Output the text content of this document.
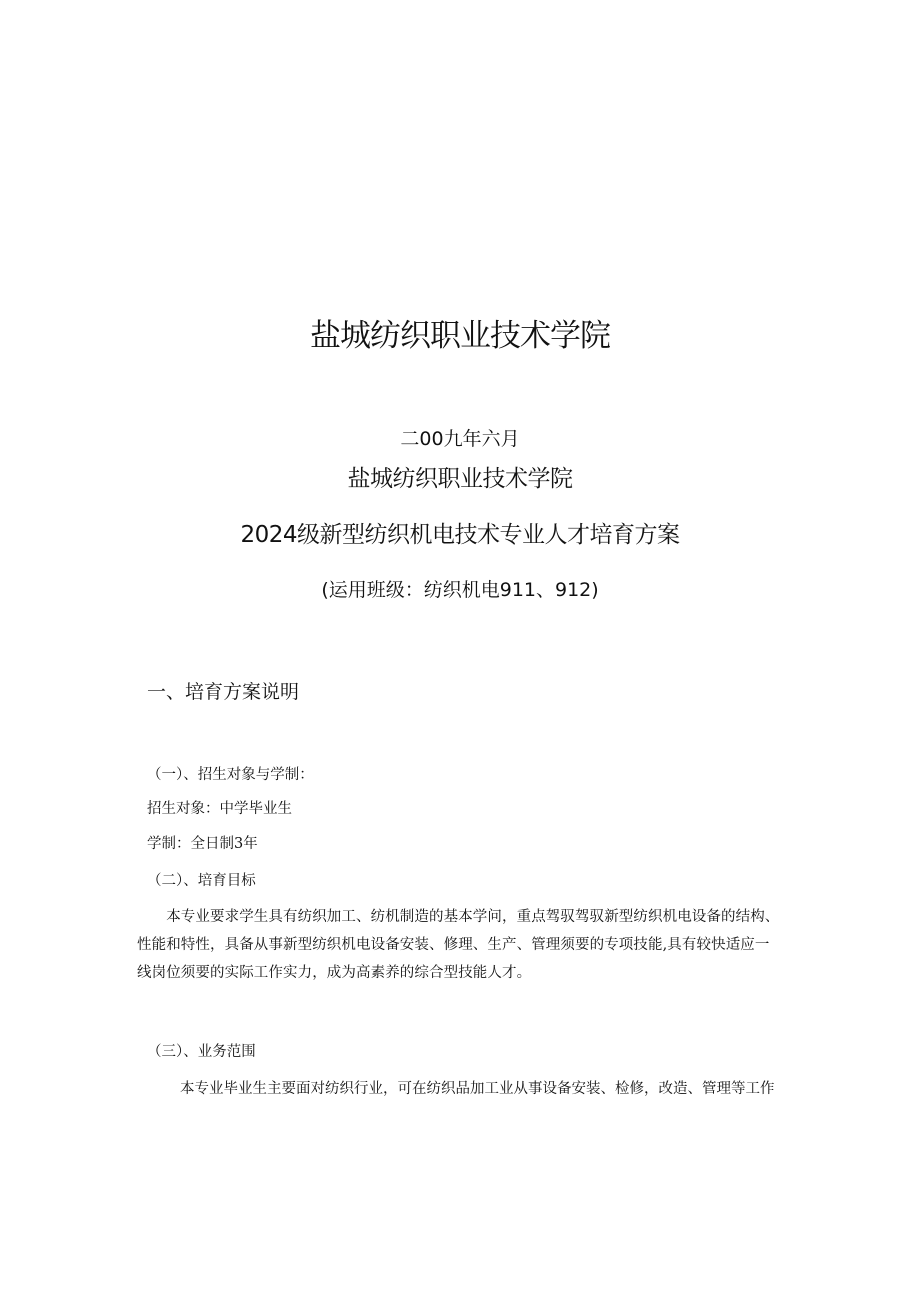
盐城纺织职业技术学院
二00九年六月
盐城纺织职业技术学院
2024级新型纺织机电技术专业人才培育方案
(运用班级：纺织机电911、912)
一、培育方案说明
（一）、招生对象与学制：
招生对象：中学毕业生
学制：全日制3年
（二）、培育目标
　　本专业要求学生具有纺织加工、纺机制造的基本学问，重点驾驭驾驭新型纺织机电设备的结构、
性能和特性，具备从事新型纺织机电设备安装、修理、生产、管理须要的专项技能,具有较快适应一
线岗位须要的实际工作实力，成为高素养的综合型技能人才。
（三）、业务范围
本专业毕业生主要面对纺织行业，可在纺织品加工业从事设备安装、检修，改造、管理等工作
